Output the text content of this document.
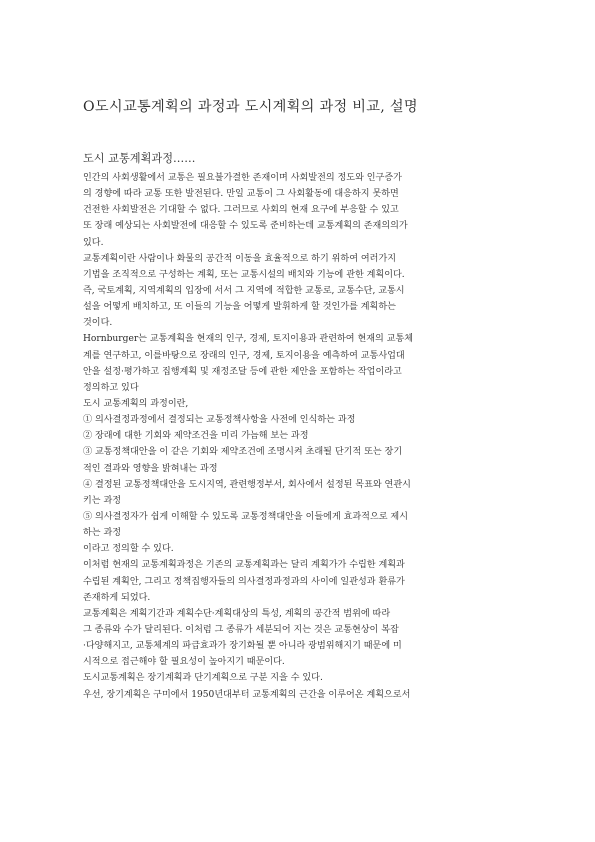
O도시교통계획의 과정과 도시계획의 과정 비교, 설명
도시 교통계획과정……
인간의 사회생활에서 교통은 필요불가결한 존재이며 사회발전의 정도와 인구증가
의 경향에 따라 교통 또한 발전된다. 만일 교통이 그 사회활동에 대응하지 못하면
건전한 사회발전은 기대할 수 없다. 그러므로 사회의 현재 요구에 부응할 수 있고
또 장래 예상되는 사회발전에 대응할 수 있도록 준비하는데 교통계획의 존재의의가
있다.
교통계획이란 사람이나 화물의 공간적 이동을 효율적으로 하기 위하여 여러가지
기법을 조직적으로 구성하는 계획, 또는 교통시설의 배치와 기능에 관한 계획이다.
즉, 국토계획, 지역계획의 입장에 서서 그 지역에 적합한 교통로, 교통수단, 교통시
설을 어떻게 배치하고, 또 이들의 기능을 어떻게 발휘하게 할 것인가를 계획하는
것이다.
Hornburger는 교통계획을 현재의 인구, 경제, 토지이용과 관련하여 현재의 교통체
계를 연구하고, 이를바탕으로 장래의 인구, 경제, 토지이용을 예측하여 교통사업대
안을 설정·평가하고 집행계획 및 재정조달 등에 관한 제안을 포함하는 작업이라고
정의하고 있다
도시 교통계획의 과정이란,
① 의사결정과정에서 결정되는 교통정책사항을 사전에 인식하는 과정
② 장래에 대한 기회와 제약조건을 미리 가늠해 보는 과정
③ 교통정책대안을 이 같은 기회와 제약조건에 조명시켜 초래될 단기적 또는 장기
적인 결과와 영향을 밝혀내는 과정
④ 결정된 교통정책대안을 도시지역, 관련행정부서, 회사에서 설정된 목표와 연관시
키는 과정
⑤ 의사결정자가 쉽게 이해할 수 있도록 교통정책대안을 이들에게 효과적으로 제시
하는 과정
이라고 정의할 수 있다.
이처럼 현재의 교통계획과정은 기존의 교통계획과는 달리 계획가가 수립한 계획과
수립된 계획안, 그리고 정책집행자들의 의사결정과정과의 사이에 일관성과 환류가
존재하게 되었다.
교통계획은 계획기간과 계획수단·계획대상의 특성, 계획의 공간적 범위에 따라
그 종류와 수가 달리된다. 이처럼 그 종류가 세분되어 지는 것은 교통현상이 복잡
·다양해지고, 교통체계의 파급효과가 장기화될 뿐 아니라 광범위해지기 때문에 미
시적으로 접근해야 할 필요성이 높아지기 때문이다.
도시교통계획은 장기계획과 단기계획으로 구분 지을 수 있다.
우선, 장기계획은 구미에서 1950년대부터 교통계획의 근간을 이루어온 계획으로서
